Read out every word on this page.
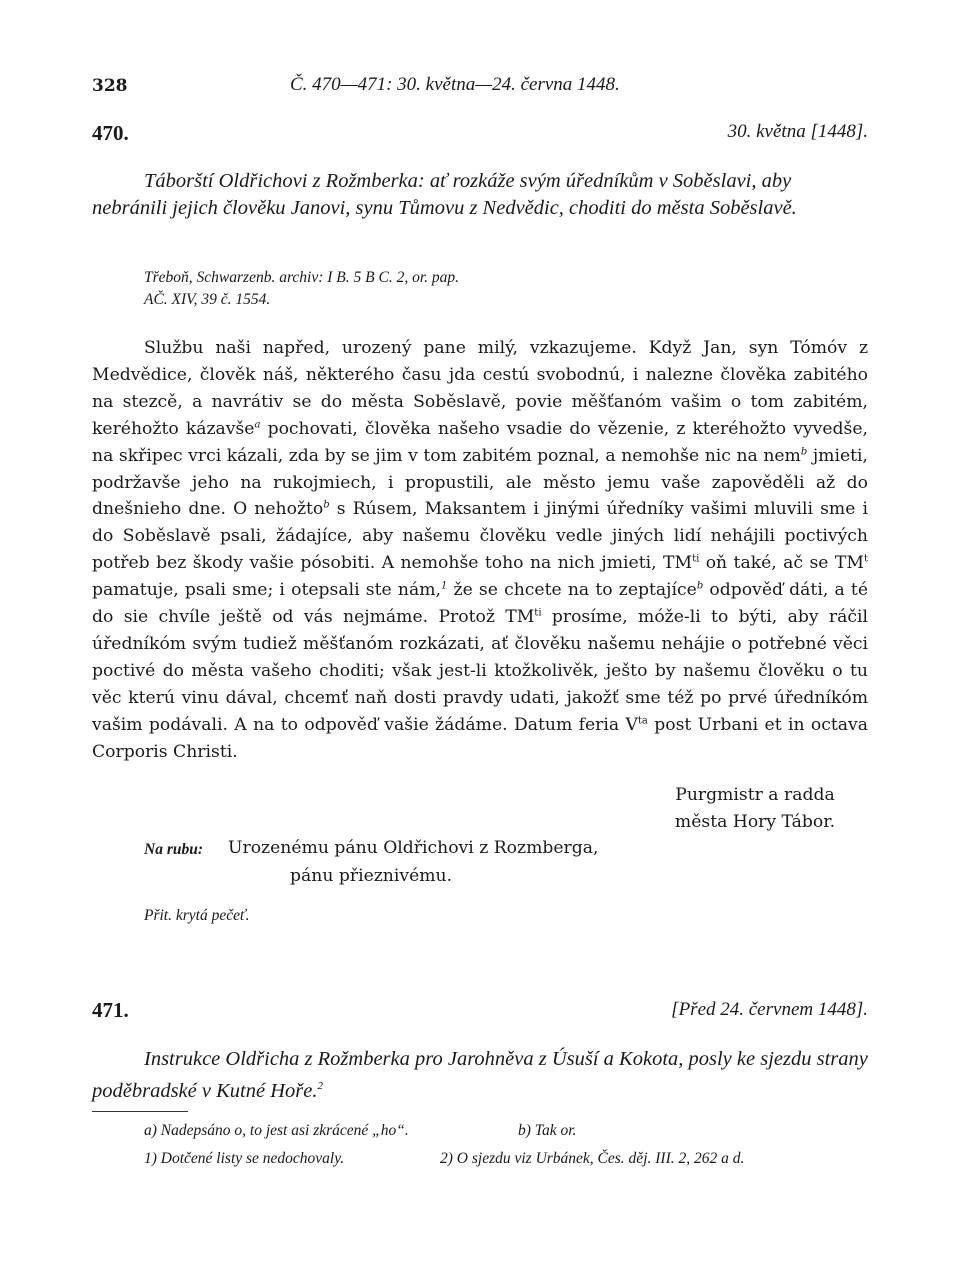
328	Č. 470—471: 30. května—24. června 1448.
470.	30. května [1448].
Táborští Oldřichovi z Rožmberka: ať rozkáže svým úředníkům v Soběslavi, aby nebránili jejich člověku Janovi, synu Tůmovu z Nedvědic, choditi do města Soběslavě.
Třeboň, Schwarzenb. archiv: I B. 5 B C. 2, or. pap.
AČ. XIV, 39 č. 1554.
Službu naši napřed, urozený pane milý, vzkazujeme. Když Jan, syn Tómóv z Medvědice, člověk náš, některého času jda cestú svobodnú, i nalezne člověka zabitého na stezcě, a navrátiv se do města Soběslavě, povie měšťanóm vašim o tom zabitém, keréhožto kázavše$^a$ pochovati, člověka našeho vsadie do vězenie, z kteréhožto vyvedše, na skřipec vrci kázali, zda by se jim v tom zabitém poznal, a nemohše nic na nem$^b$ jmieti, podržavše jeho na rukojmiech, i propustili, ale město jemu vaše zapověděli až do dnešnieho dne. O nehožto$^b$ s Rúsem, Maksantem i jinými úředníky vašimi mluvili sme i do Soběslavě psali, žádajíce, aby našemu člověku vedle jiných lidí nehájili poctivých potřeb bez škody vašie pósobiti. A nemohše toho na nich jmieti, $TM^{ti}$ oň také, ač se $TM^t$ pamatuje, psali sme; i otepsali ste nám,$^1$ že se chcete na to zeptajíce$^b$ odpověď dáti, a té do sie chvíle ještě od vás nejmáme. Protož $TM^{ti}$ prosíme, móže-li to býti, aby ráčil úředníkóm svým tudiež měšťanóm rozkázati, ať člověku našemu nehájie o potřebné věci poctivé do města vašeho choditi; však jest-li ktožkolivěk, ješto by našemu člověku o tu věc kterú vinu dával, chcemť naň dosti pravdy udati, jakožť sme též po prvé úředníkóm vašim podávali. A na to odpověď vašie žádáme. Datum feria $V^{ta}$ post Urbani et in octava Corporis Christi.
Purgmistr a radda
města Hory Tábor.
Na rubu: Urozenému pánu Oldřichovi z Rozmberga,
pánu přieznivému.
Přit. krytá pečeť.
471.	[Před 24. červnem 1448].
Instrukce Oldřicha z Rožmberka pro Jarohněva z Úsuší a Kokota, posly ke sjezdu strany poděbradské v Kutné Hoře.$^2$
a) Nadepsáno o, to jest asi zkrácené „ho“.	b) Tak or.
1) Dotčené listy se nedochovaly.	2) O sjezdu viz Urbánek, Čes. děj. III. 2, 262 a d.
